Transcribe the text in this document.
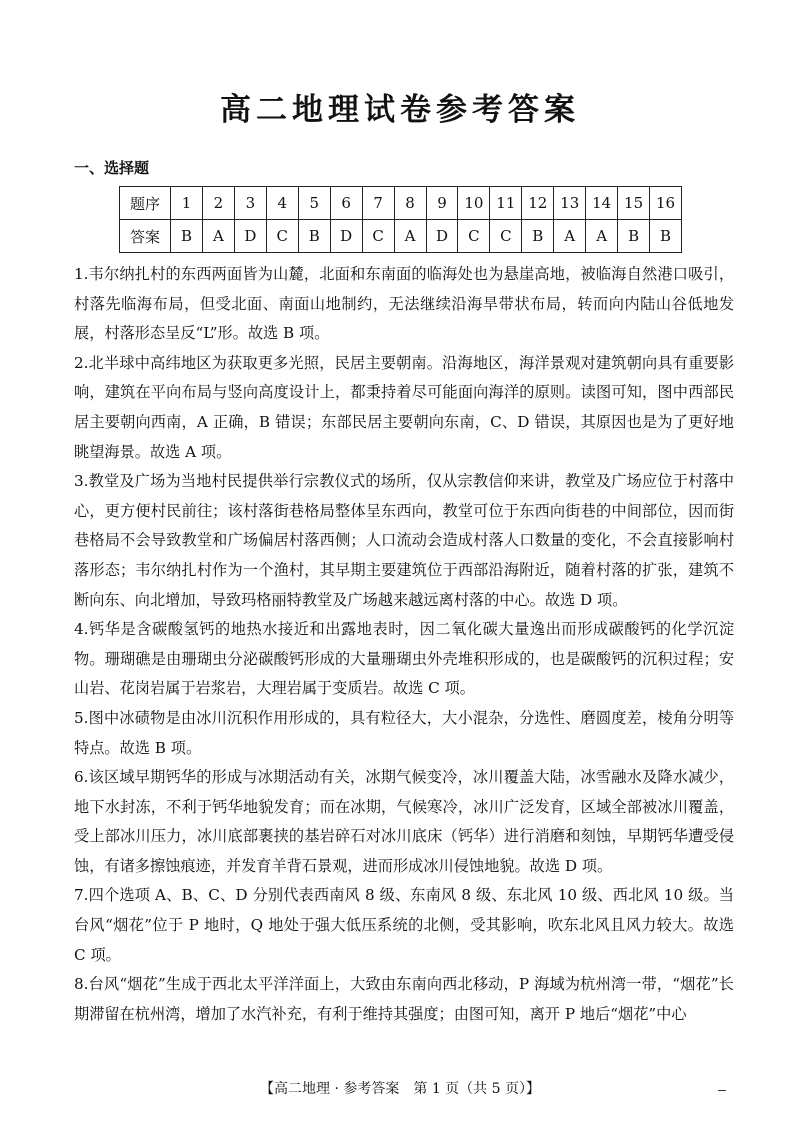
高二地理试卷参考答案
一、选择题
题序	1	2	3	4	5	6	7	8	9	10	11	12	13	14	15	16
答案	B	A	D	C	B	D	C	A	D	C	C	B	A	A	B	B

1.韦尔纳扎村的东西两面皆为山麓，北面和东南面的临海处也为悬崖高地，被临海自然港口吸引，村落先临海布局，但受北面、南面山地制约，无法继续沿海旱带状布局，转而向内陆山谷低地发展，村落形态呈反“L”形。故选 B 项。

2.北半球中高纬地区为获取更多光照，民居主要朝南。沿海地区，海洋景观对建筑朝向具有重要影响，建筑在平向布局与竖向高度设计上，都秉持着尽可能面向海洋的原则。读图可知，图中西部民居主要朝向西南，A 正确，B 错误；东部民居主要朝向东南，C、D 错误，其原因也是为了更好地眺望海景。故选 A 项。

3.教堂及广场为当地村民提供举行宗教仪式的场所，仅从宗教信仰来讲，教堂及广场应位于村落中心，更方便村民前往；该村落街巷格局整体呈东西向，教堂可位于东西向街巷的中间部位，因而街巷格局不会导致教堂和广场偏居村落西侧；人口流动会造成村落人口数量的变化，不会直接影响村落形态；韦尔纳扎村作为一个渔村，其早期主要建筑位于西部沿海附近，随着村落的扩张，建筑不断向东、向北增加，导致玛格丽特教堂及广场越来越远离村落的中心。故选 D 项。

4.钙华是含碳酸氢钙的地热水接近和出露地表时，因二氧化碳大量逸出而形成碳酸钙的化学沉淀物。珊瑚礁是由珊瑚虫分泌碳酸钙形成的大量珊瑚虫外壳堆积形成的，也是碳酸钙的沉积过程；安山岩、花岗岩属于岩浆岩，大理岩属于变质岩。故选 C 项。

5.图中冰碛物是由冰川沉积作用形成的，具有粒径大，大小混杂，分选性、磨圆度差，棱角分明等特点。故选 B 项。

6.该区域早期钙华的形成与冰期活动有关，冰期气候变冷，冰川覆盖大陆，冰雪融水及降水减少，地下水封冻，不利于钙华地貌发育；而在冰期，气候寒冷，冰川广泛发育，区域全部被冰川覆盖，受上部冰川压力，冰川底部裹挟的基岩碎石对冰川底床（钙华）进行消磨和刻蚀，早期钙华遭受侵蚀，有诸多擦蚀痕迹，并发育羊背石景观，进而形成冰川侵蚀地貌。故选 D 项。

7.四个选项 A、B、C、D 分别代表西南风 8 级、东南风 8 级、东北风 10 级、西北风 10 级。当台风“烟花”位于 P 地时，Q 地处于强大低压系统的北侧，受其影响，吹东北风且风力较大。故选 C 项。

8.台风“烟花”生成于西北太平洋洋面上，大致由东南向西北移动，P 海域为杭州湾一带，“烟花”长期滞留在杭州湾，增加了水汽补充，有利于维持其强度；由图可知，离开 P 地后“烟花”中心

【高二地理 · 参考答案　第 1 页（共 5 页）】
